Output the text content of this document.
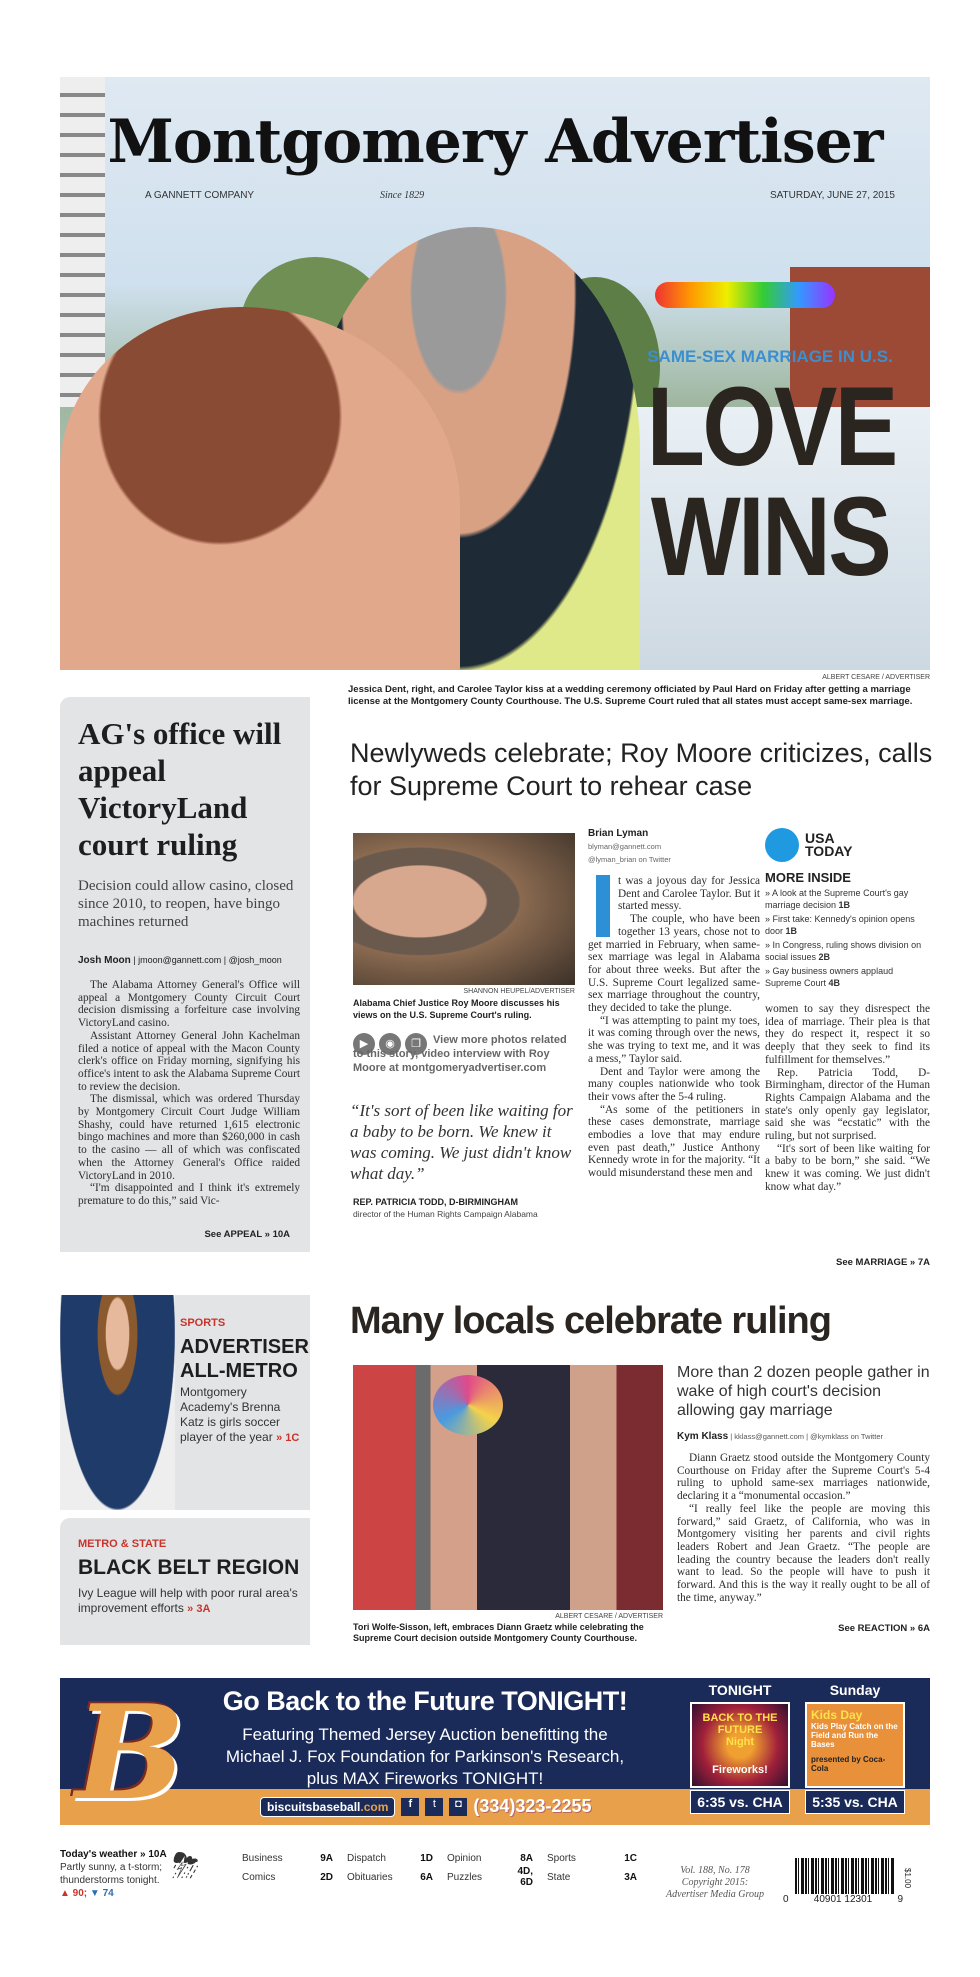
Montgomery Advertiser
A GANNETT COMPANY	Since 1829	SATURDAY, JUNE 27, 2015
SAME-SEX MARRIAGE IN U.S.
LOVE
WINS
ALBERT CESARE / ADVERTISER
Jessica Dent, right, and Carolee Taylor kiss at a wedding ceremony officiated by Paul Hard on Friday after getting a marriage license at the Montgomery County Courthouse. The U.S. Supreme Court ruled that all states must accept same-sex marriage.
AG's office will appeal VictoryLand court ruling
Decision could allow casino, closed since 2010, to reopen, have bingo machines returned
Josh Moon | jmoon@gannett.com | @josh_moon

The Alabama Attorney General's Office will appeal a Montgomery County Circuit Court decision dismissing a forfeiture case involving VictoryLand casino.

Assistant Attorney General John Kachelman filed a notice of appeal with the Macon County clerk's office on Friday morning, signifying his office's intent to ask the Alabama Supreme Court to review the decision.

The dismissal, which was ordered Thursday by Montgomery Circuit Court Judge William Shashy, could have returned 1,615 electronic bingo machines and more than $260,000 in cash to the casino — all of which was confiscated when the Attorney General's Office raided VictoryLand in 2010.

“I'm disappointed and I think it's extremely premature to do this,” said Vic-

See APPEAL » 10A
Newlyweds celebrate; Roy Moore criticizes, calls for Supreme Court to rehear case
SHANNON HEUPEL/ADVERTISER
Alabama Chief Justice Roy Moore discusses his views on the U.S. Supreme Court's ruling.
▶	◉	❐	View more photos related to this story, video interview with Roy Moore at montgomeryadvertiser.com
“It's sort of been like waiting for a baby to be born. We knew it was coming. We just didn't know what day.”
REP. PATRICIA TODD, D-BIRMINGHAM
director of the Human Rights Campaign Alabama
Brian Lyman
blyman@gannett.com
@lyman_brian on Twitter

t was a joyous day for Jessica Dent and Carolee Taylor. But it started messy.

The couple, who have been together 13 years, chose not to get married in February, when same-sex marriage was legal in Alabama for about three weeks. But after the U.S. Supreme Court legalized same-sex marriage throughout the country, they decided to take the plunge.

“I was attempting to paint my toes, it was coming through over the news, she was trying to text me, and it was a mess,” Taylor said.

Dent and Taylor were among the many couples nationwide who took their vows after the 5-4 ruling.

“As some of the petitioners in these cases demonstrate, marriage embodies a love that may endure even past death,” Justice Anthony Kennedy wrote in for the majority. “It would misunderstand these men and

USA
TODAY
MORE INSIDE
» A look at the Supreme Court's gay marriage decision 1B
» First take: Kennedy's opinion opens door 1B
» In Congress, ruling shows division on social issues 2B
» Gay business owners applaud Supreme Court 4B

women to say they disrespect the idea of marriage. Their plea is that they do respect it, respect it so deeply that they seek to find its fulfillment for themselves.”

Rep. Patricia Todd, D-Birmingham, director of the Human Rights Campaign Alabama and the state's only openly gay legislator, said she was “ecstatic” with the ruling, but not surprised.

“It's sort of been like waiting for a baby to be born,” she said. “We knew it was coming. We just didn't know what day.”

See MARRIAGE » 7A
SPORTS
ADVERTISER
ALL-METRO
Montgomery Academy's Brenna Katz is girls soccer player of the year » 1C
METRO & STATE
BLACK BELT REGION
Ivy League will help with poor rural area's improvement efforts » 3A
Many locals celebrate ruling
ALBERT CESARE / ADVERTISER
Tori Wolfe-Sisson, left, embraces Diann Graetz while celebrating the Supreme Court decision outside Montgomery County Courthouse.
More than 2 dozen people gather in wake of high court's decision allowing gay marriage
Kym Klass | kklass@gannett.com | @kymklass on Twitter

Diann Graetz stood outside the Montgomery County Courthouse on Friday after the Supreme Court's 5-4 ruling to uphold same-sex marriages nationwide, declaring it a “monumental occasion.”

“I really feel like the people are moving this forward,” said Graetz, of California, who was in Montgomery visiting her parents and civil rights leaders Robert and Jean Graetz. “The people are leading the country because the leaders don't really want to lead. So the people will have to push it forward. And this is the way it really ought to be all of the time, anyway.”

See REACTION » 6A
B	Go Back to the Future TONIGHT!
Featuring Themed Jersey Auction benefitting the
Michael J. Fox Foundation for Parkinson's Research,
plus MAX Fireworks TONIGHT!
biscuitsbaseball.com	f	t	◘ (334)323-2255
TONIGHT
BACK TO THE FUTURE
Night
Fireworks!
6:35 vs. CHA
Sunday
Kids Day
Kids Play Catch on the Field and Run the Bases
presented by Coca-Cola
5:35 vs. CHA
Today's weather » 10A
Partly sunny, a t-storm; thunderstorms tonight.
▲ 90; ▼ 74
⛈	Business	9A	Dispatch	1D	Opinion	8A	Sports	1C
Comics	2D	Obituaries	6A	Puzzles	4D, 6D	State	3A
Vol. 188, No. 178
Copyright 2015:
Advertiser Media Group	0	40901 12301	9
$1.00
